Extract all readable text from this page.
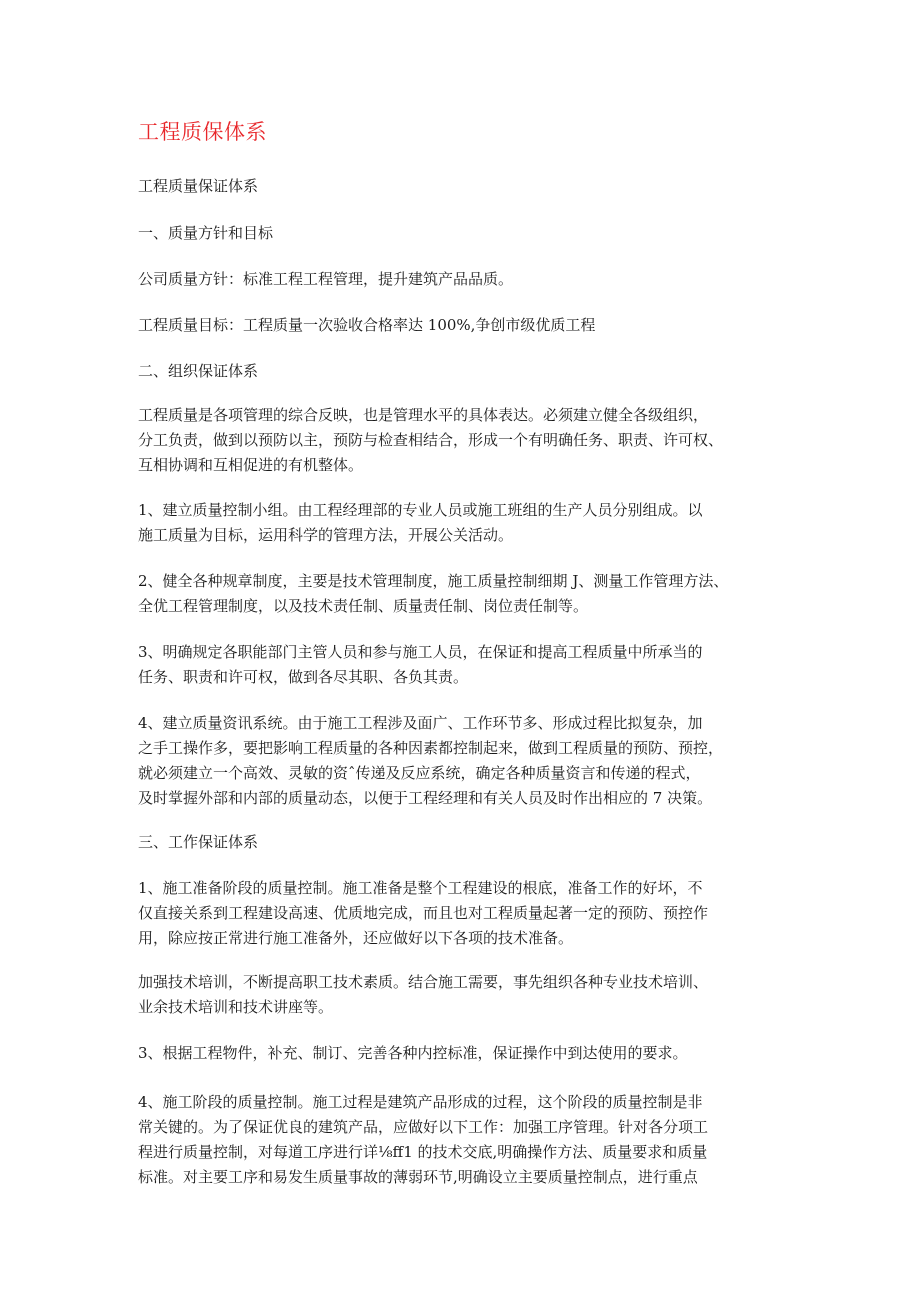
工程质保体系
工程质量保证体系
一、质量方针和目标
公司质量方针：标准工程工程管理，提升建筑产品品质。
工程质量目标：工程质量一次验收合格率达 100%,争创市级优质工程
二、组织保证体系
工程质量是各项管理的综合反映，也是管理水平的具体表达。必须建立健全各级组织，
分工负责，做到以预防以主，预防与检查相结合，形成一个有明确任务、职责、许可权、
互相协调和互相促进的有机整体。
1、建立质量控制小组。由工程经理部的专业人员或施工班组的生产人员分别组成。以
施工质量为目标，运用科学的管理方法，开展公关活动。
2、健全各种规章制度，主要是技术管理制度，施工质量控制细期 J、测量工作管理方法、
全优工程管理制度，以及技术责任制、质量责任制、岗位责任制等。
3、明确规定各职能部门主管人员和参与施工人员，在保证和提高工程质量中所承当的
任务、职责和许可权，做到各尽其职、各负其责。
4、建立质量资讯系统。由于施工工程涉及面广、工作环节多、形成过程比拟复杂，加
之手工操作多，要把影响工程质量的各种因素都控制起来，做到工程质量的预防、预控，
就必须建立一个高效、灵敏的资ˆ传递及反应系统，确定各种质量资言和传递的程式，
及时掌握外部和内部的质量动态，以便于工程经理和有关人员及时作出相应的 7 决策。
三、工作保证体系
1、施工准备阶段的质量控制。施工准备是整个工程建设的根底，准备工作的好坏，不
仅直接关系到工程建设高速、优质地完成，而且也对工程质量起著一定的预防、预控作
用，除应按正常进行施工准备外，还应做好以下各项的技术准备。
加强技术培训，不断提高职工技术素质。结合施工需要，事先组织各种专业技术培训、
业余技术培训和技术讲座等。
3、根据工程物件，补充、制订、完善各种内控标准，保证操作中到达使用的要求。
4、施工阶段的质量控制。施工过程是建筑产品形成的过程，这个阶段的质量控制是非
常关键的。为了保证优良的建筑产品，应做好以下工作：加强工序管理。针对各分项工
程进行质量控制，对每道工序进行详⅛ff1 的技术交底,明确操作方法、质量要求和质量
标准。对主要工序和易发生质量事故的薄弱环节,明确设立主要质量控制点，进行重点
